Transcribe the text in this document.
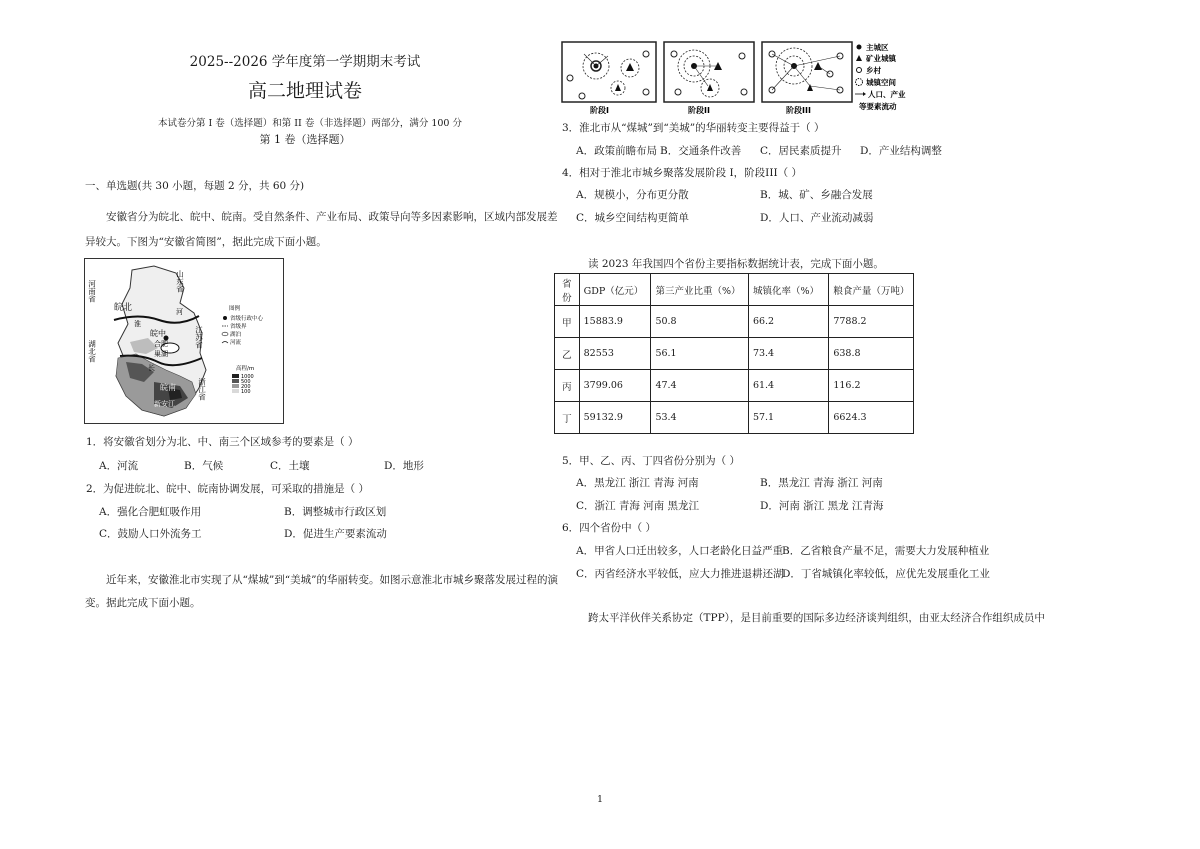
2025--2026 学年度第一学期期末考试
高二地理试卷
本试卷分第 I 卷（选择题）和第 II 卷（非选择题）两部分，满分 100 分
第 1 卷（选择题）
一、单选题(共 30 小题，每题 2 分，共 60 分)
安徽省分为皖北、皖中、皖南。受自然条件、产业布局、政策导向等多因素影响，区域内部发展差
异较大。下图为“安徽省简图”，据此完成下面小题。
图例
省级行政中心
省级界
湖泊
河流
高程/m
1000
500
200
100
河南省	山东省
皖北
淮
河
皖中
合肥
巢湖
江苏省
湖北省
长
皖南
新安江
浙江省
1．将安徽省划分为北、中、南三个区域参考的要素是（ ）
A．河流	B．气候	C．土壤	D．地形
2．为促进皖北、皖中、皖南协调发展，可采取的措施是（ ）
A．强化合肥虹吸作用	B．调整城市行政区划
C．鼓励人口外流务工	D．促进生产要素流动
近年来，安徽淮北市实现了从“煤城”到“美城”的华丽转变。如图示意淮北市城乡聚落发展过程的演
变。据此完成下面小题。
阶段I	阶段II	阶段III
主城区
矿业城镇
乡村
城镇空间
人口、产业
等要素流动
3．淮北市从“煤城”到“美城”的华丽转变主要得益于（ ）
A．政策前瞻布局 B．交通条件改善 C．居民素质提升 D．产业结构调整
4．相对于淮北市城乡聚落发展阶段 I，阶段III（ ）
A．规模小，分布更分散	B．城、矿、乡融合发展
C．城乡空间结构更简单	D．人口、产业流动减弱
读 2023 年我国四个省份主要指标数据统计表，完成下面小题。
省份	GDP（亿元）	第三产业比重（%）	城镇化率（%）	粮食产量（万吨）
甲	15883.9	50.8	66.2	7788.2
乙	82553	56.1	73.4	638.8
丙	3799.06	47.4	61.4	116.2
丁	59132.9	53.4	57.1	6624.3
5．甲、乙、丙、丁四省份分别为（ ）
A．黑龙江 浙江 青海 河南	B．黑龙江 青海 浙江 河南
C．浙江 青海 河南 黑龙江	D．河南 浙江 黑龙 江青海
6．四个省份中（ ）
A．甲省人口迁出较多，人口老龄化日益严重
B．乙省粮食产量不足，需要大力发展种植业
C．丙省经济水平较低，应大力推进退耕还湖
D．丁省城镇化率较低，应优先发展重化工业
跨太平洋伙伴关系协定（TPP），是目前重要的国际多边经济谈判组织，由亚太经济合作组织成员中
1
